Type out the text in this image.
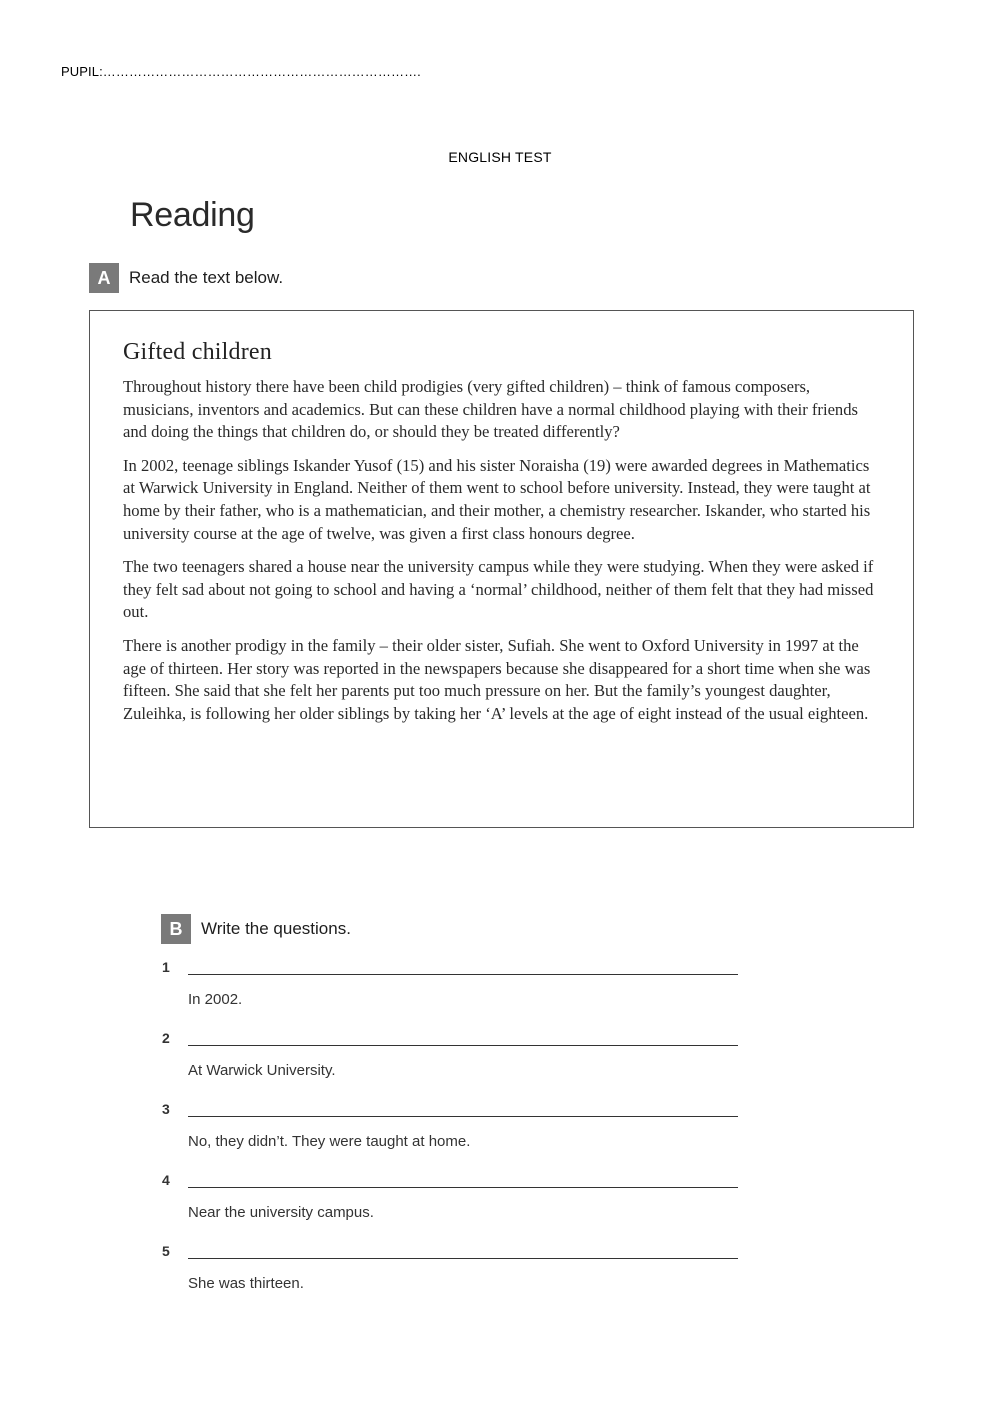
PUPIL:……………………………………………………………….
ENGLISH TEST
Reading
A	Read the text below.
Gifted children

Throughout history there have been child prodigies (very gifted children) – think of famous composers, musicians, inventors and academics. But can these children have a normal childhood playing with their friends and doing the things that children do, or should they be treated differently?

In 2002, teenage siblings Iskander Yusof (15) and his sister Noraisha (19) were awarded degrees in Mathematics at Warwick University in England. Neither of them went to school before university. Instead, they were taught at home by their father, who is a mathematician, and their mother, a chemistry researcher. Iskander, who started his university course at the age of twelve, was given a first class honours degree.

The two teenagers shared a house near the university campus while they were studying. When they were asked if they felt sad about not going to school and having a ‘normal’ childhood, neither of them felt that they had missed out.

There is another prodigy in the family – their older sister, Sufiah. She went to Oxford University in 1997 at the age of thirteen. Her story was reported in the newspapers because she disappeared for a short time when she was fifteen. She said that she felt her parents put too much pressure on her. But the family’s youngest daughter, Zuleihka, is following her older siblings by taking her ‘A’ levels at the age of eight instead of the usual eighteen.

B	Write the questions.
1
In 2002.
2
At Warwick University.
3
No, they didn’t. They were taught at home.
4
Near the university campus.
5
She was thirteen.
